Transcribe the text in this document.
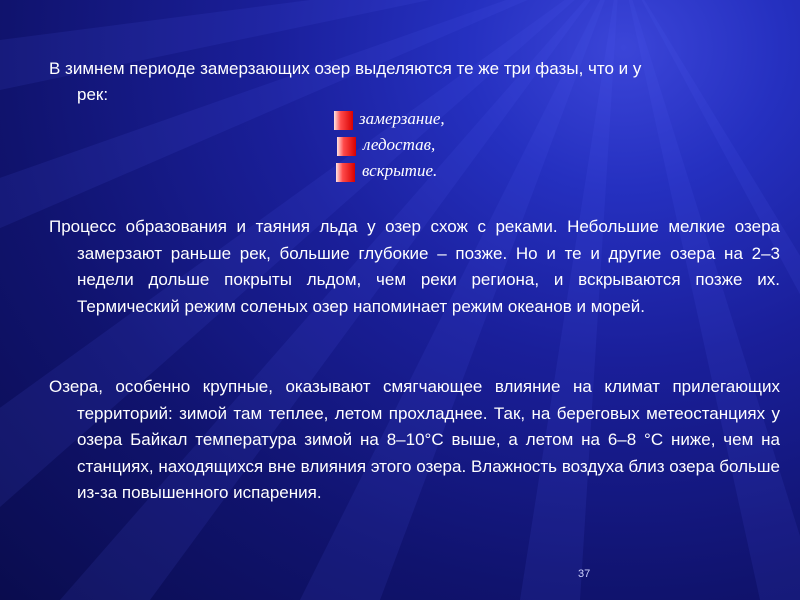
В зимнем периоде замерзающих озер выделяются те же три фазы, что и у
рек:
замерзание,
ледостав,
вскрытие.
Процесс образования и таяния льда у озер схож с реками. Небольшие мелкие озера замерзают раньше рек, большие глубокие – позже. Но и те и другие озера на 2–3 недели дольше покрыты льдом, чем реки региона, и вскрываются позже их. Термический режим соленых озер напоминает режим океанов и морей.
Озера, особенно крупные, оказывают смягчающее влияние на климат прилегающих территорий: зимой там теплее, летом прохладнее. Так, на береговых метеостанциях у озера Байкал температура зимой на 8–10°С выше, а летом на 6–8 °С ниже, чем на станциях, находящихся вне влияния этого озера. Влажность воздуха близ озера больше из-за повышенного испарения.
37
